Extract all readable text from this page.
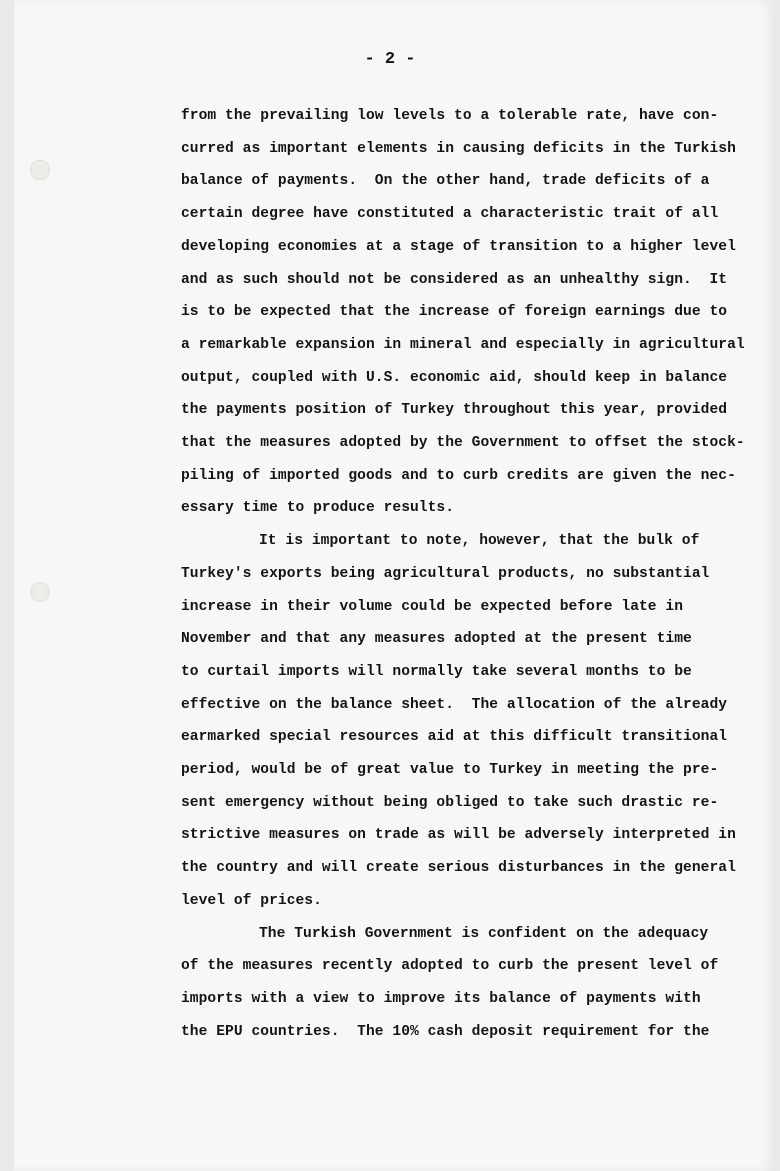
- 2 -
from the prevailing low levels to a tolerable rate, have con-
curred as important elements in causing deficits in the Turkish
balance of payments.  On the other hand, trade deficits of a
certain degree have constituted a characteristic trait of all
developing economies at a stage of transition to a higher level
and as such should not be considered as an unhealthy sign.  It
is to be expected that the increase of foreign earnings due to
a remarkable expansion in mineral and especially in agricultural
output, coupled with U.S. economic aid, should keep in balance
the payments position of Turkey throughout this year, provided
that the measures adopted by the Government to offset the stock-
piling of imported goods and to curb credits are given the nec-
essary time to produce results.
It is important to note, however, that the bulk of
Turkey's exports being agricultural products, no substantial
increase in their volume could be expected before late in
November and that any measures adopted at the present time
to curtail imports will normally take several months to be
effective on the balance sheet.  The allocation of the already
earmarked special resources aid at this difficult transitional
period, would be of great value to Turkey in meeting the pre-
sent emergency without being obliged to take such drastic re-
strictive measures on trade as will be adversely interpreted in
the country and will create serious disturbances in the general
level of prices.
The Turkish Government is confident on the adequacy
of the measures recently adopted to curb the present level of
imports with a view to improve its balance of payments with
the EPU countries.  The 10% cash deposit requirement for the
